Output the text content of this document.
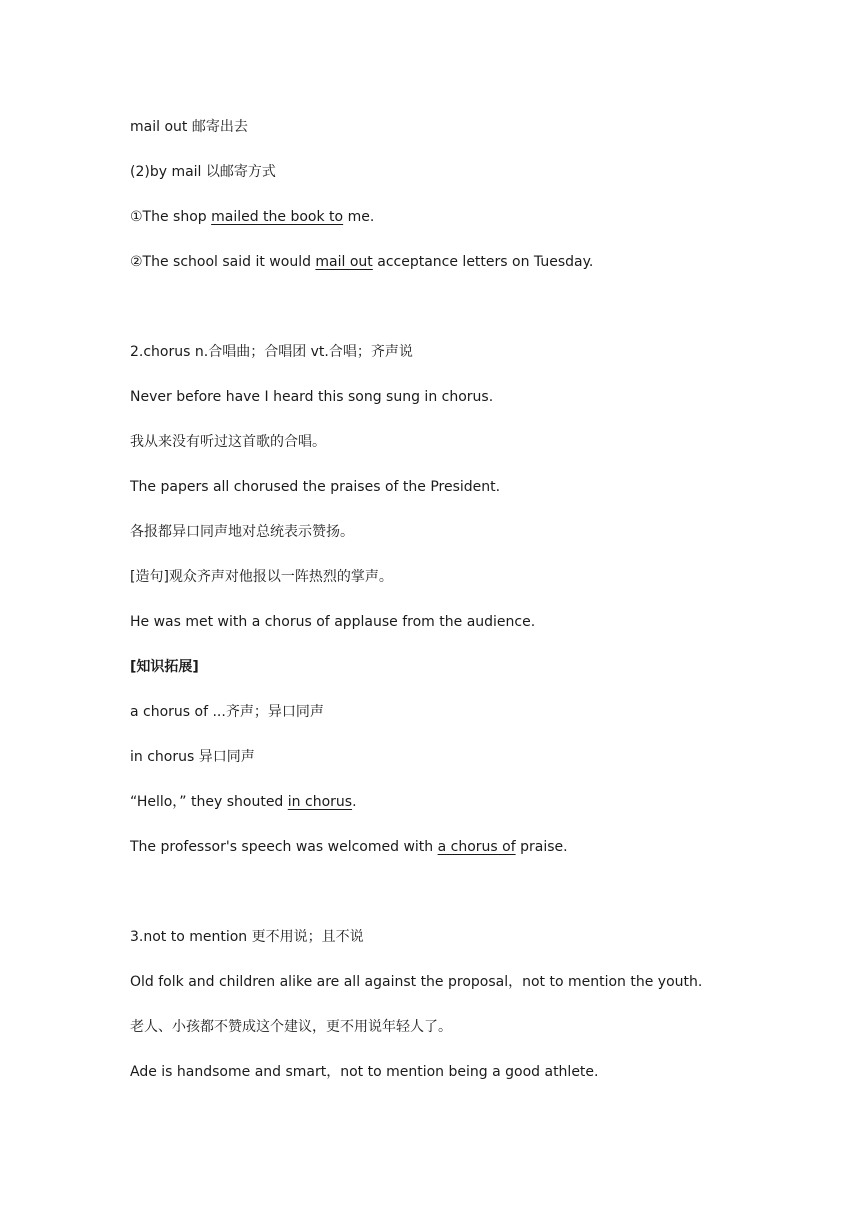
mail out 邮寄出去
(2)by mail 以邮寄方式
①The shop mailed the book to me.
②The school said it would mail out acceptance letters on Tuesday.
2.chorus n.合唱曲；合唱团 vt.合唱；齐声说
Never before have I heard this song sung in chorus.
我从来没有听过这首歌的合唱。
The papers all chorused the praises of the President.
各报都异口同声地对总统表示赞扬。
[造句]观众齐声对他报以一阵热烈的掌声。
He was met with a chorus of applause from the audience.
[知识拓展]
a chorus of ...齐声；异口同声
in chorus 异口同声
“Hello，” they shouted in chorus.
The professor's speech was welcomed with a chorus of praise.
3.not to mention 更不用说；且不说
Old folk and children alike are all against the proposal，not to mention the youth.
老人、小孩都不赞成这个建议，更不用说年轻人了。
Ade is handsome and smart，not to mention being a good athlete.
